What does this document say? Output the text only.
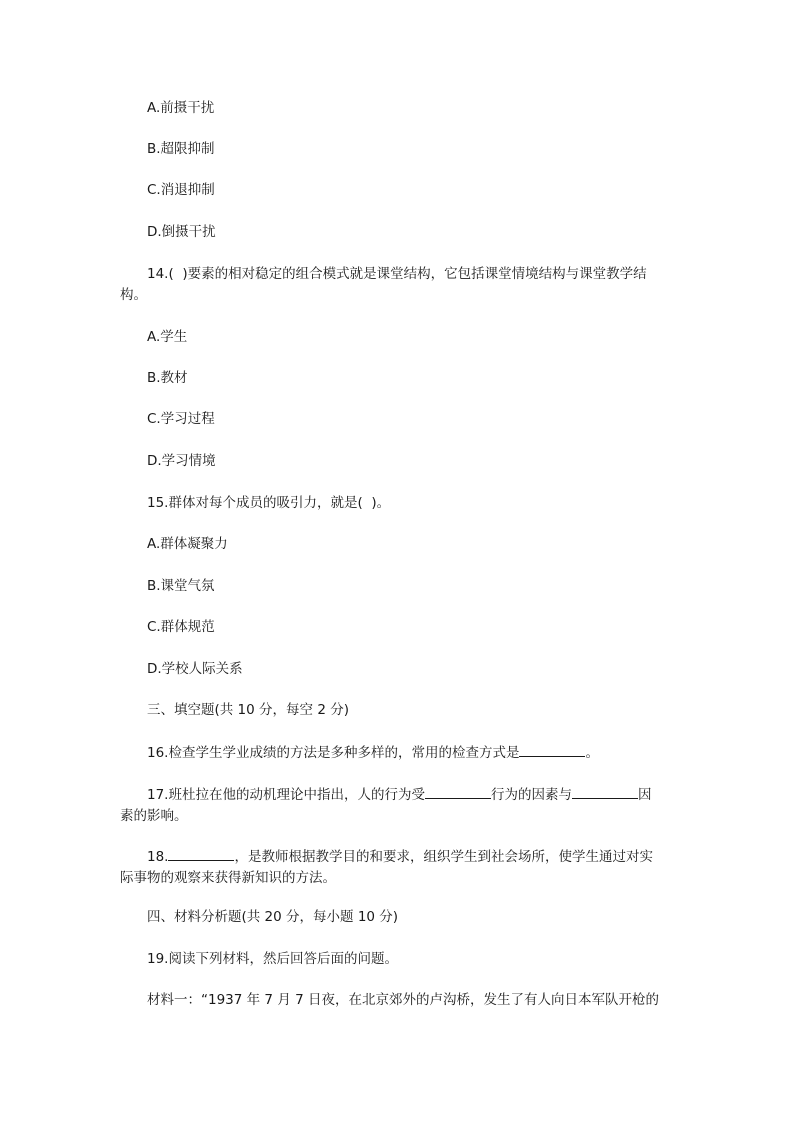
A.前摄干扰
B.超限抑制
C.消退抑制
D.倒摄干扰
14.(  )要素的相对稳定的组合模式就是课堂结构，它包括课堂情境结构与课堂教学结
构。
A.学生
B.教材
C.学习过程
D.学习情境
15.群体对每个成员的吸引力，就是(  )。
A.群体凝聚力
B.课堂气氛
C.群体规范
D.学校人际关系
三、填空题(共 10 分，每空 2 分)
16.检查学生学业成绩的方法是多种多样的，常用的检查方式是	。
17.班杜拉在他的动机理论中指出，人的行为受	行为的因素与	因
素的影响。
18.	，是教师根据教学目的和要求，组织学生到社会场所，使学生通过对实
际事物的观察来获得新知识的方法。
四、材料分析题(共 20 分，每小题 10 分)
19.阅读下列材料，然后回答后面的问题。
材料一：“1937 年 7 月 7 日夜，在北京郊外的卢沟桥，发生了有人向日本军队开枪的
